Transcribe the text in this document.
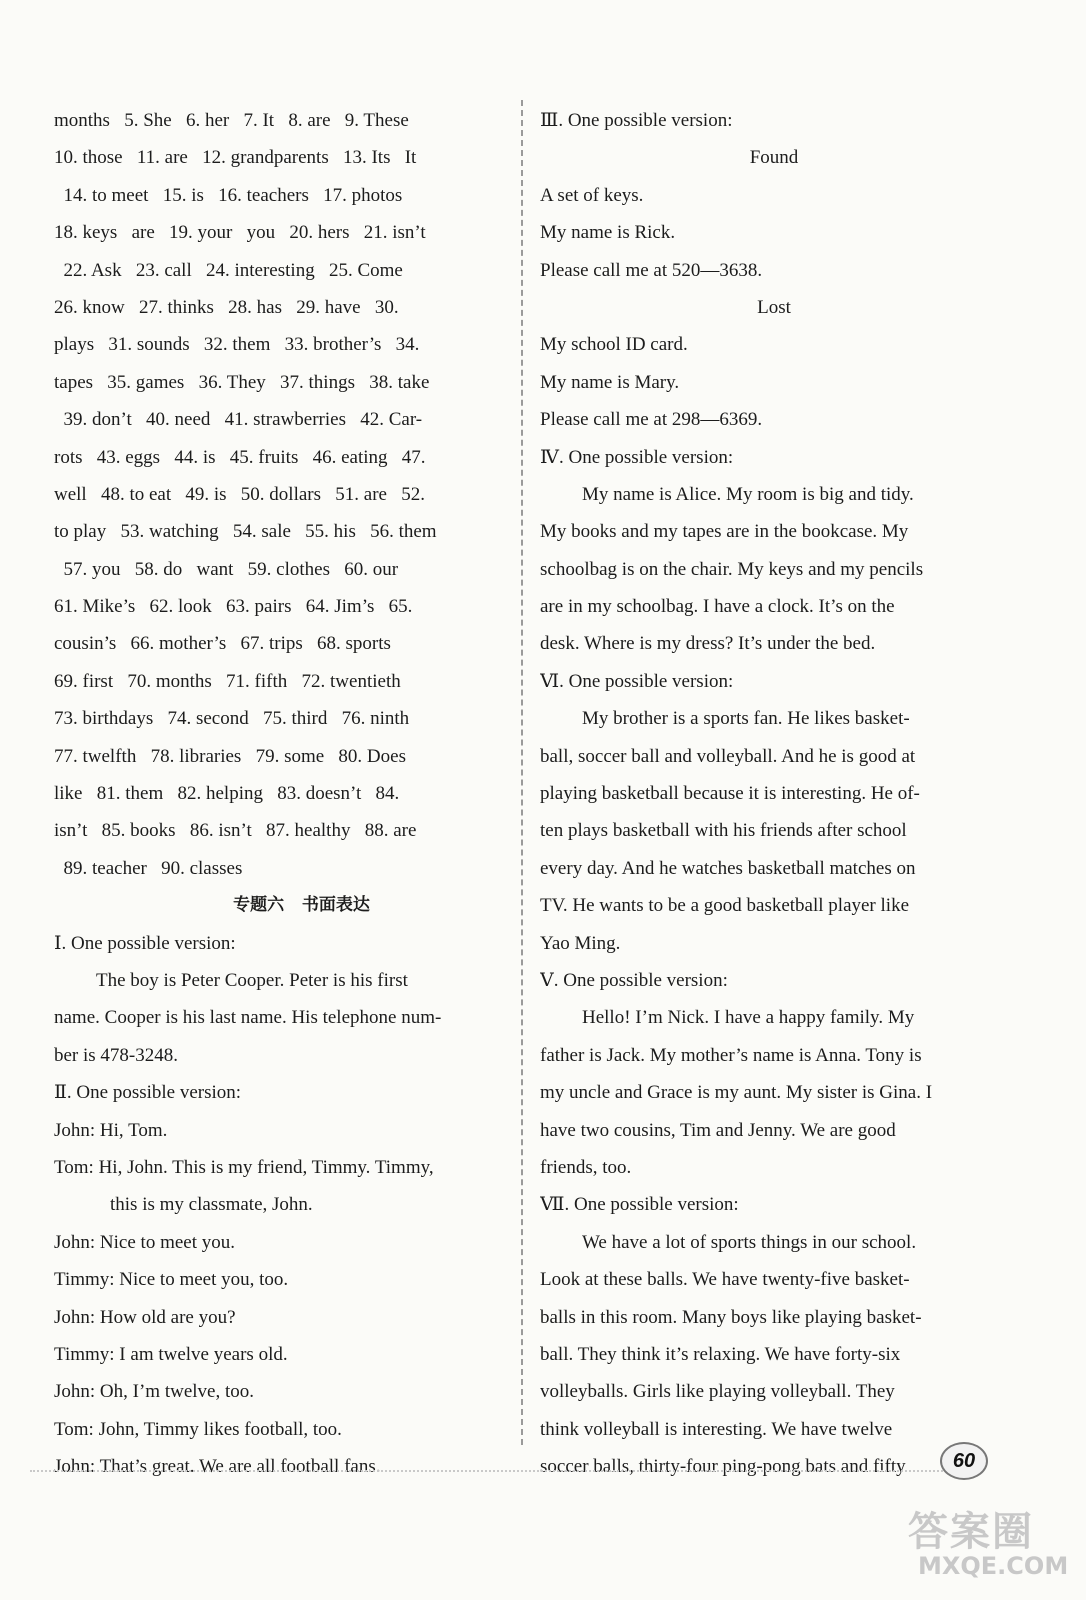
months   5. She   6. her   7. It   8. are   9. These
10. those   11. are   12. grandparents   13. Its   It
14. to meet   15. is   16. teachers   17. photos
18. keys   are   19. your   you   20. hers   21. isn’t
22. Ask   23. call   24. interesting   25. Come
26. know   27. thinks   28. has   29. have   30.
plays   31. sounds   32. them   33. brother’s   34.
tapes   35. games   36. They   37. things   38. take
39. don’t   40. need   41. strawberries   42. Car-
rots   43. eggs   44. is   45. fruits   46. eating   47.
well   48. to eat   49. is   50. dollars   51. are   52.
to play   53. watching   54. sale   55. his   56. them
57. you   58. do   want   59. clothes   60. our
61. Mike’s   62. look   63. pairs   64. Jim’s   65.
cousin’s   66. mother’s   67. trips   68. sports
69. first   70. months   71. fifth   72. twentieth
73. birthdays   74. second   75. third   76. ninth
77. twelfth   78. libraries   79. some   80. Does
like   81. them   82. helping   83. doesn’t   84.
isn’t   85. books   86. isn’t   87. healthy   88. are
89. teacher   90. classes
专题六   书面表达
Ⅰ. One possible version:
The boy is Peter Cooper. Peter is his first
name. Cooper is his last name. His telephone num-
ber is 478-3248.
Ⅱ. One possible version:
John: Hi, Tom.
Tom: Hi, John. This is my friend, Timmy. Timmy,
this is my classmate, John.
John: Nice to meet you.
Timmy: Nice to meet you, too.
John: How old are you?
Timmy: I am twelve years old.
John: Oh, I’m twelve, too.
Tom: John, Timmy likes football, too.
John: That’s great. We are all football fans.
Ⅲ. One possible version:
Found
A set of keys.
My name is Rick.
Please call me at 520—3638.
Lost
My school ID card.
My name is Mary.
Please call me at 298—6369.
Ⅳ. One possible version:
My name is Alice. My room is big and tidy.
My books and my tapes are in the bookcase. My
schoolbag is on the chair. My keys and my pencils
are in my schoolbag. I have a clock. It’s on the
desk. Where is my dress? It’s under the bed.
Ⅵ. One possible version:
My brother is a sports fan. He likes basket-
ball, soccer ball and volleyball. And he is good at
playing basketball because it is interesting. He of-
ten plays basketball with his friends after school
every day. And he watches basketball matches on
TV. He wants to be a good basketball player like
Yao Ming.
Ⅴ. One possible version:
Hello! I’m Nick. I have a happy family. My
father is Jack. My mother’s name is Anna. Tony is
my uncle and Grace is my aunt. My sister is Gina. I
have two cousins, Tim and Jenny. We are good
friends, too.
Ⅶ. One possible version:
We have a lot of sports things in our school.
Look at these balls. We have twenty-five basket-
balls in this room. Many boys like playing basket-
ball. They think it’s relaxing. We have forty-six
volleyballs. Girls like playing volleyball. They
think volleyball is interesting. We have twelve
soccer balls, thirty-four ping-pong bats and fifty	60
答案圈
MXQE.COM
